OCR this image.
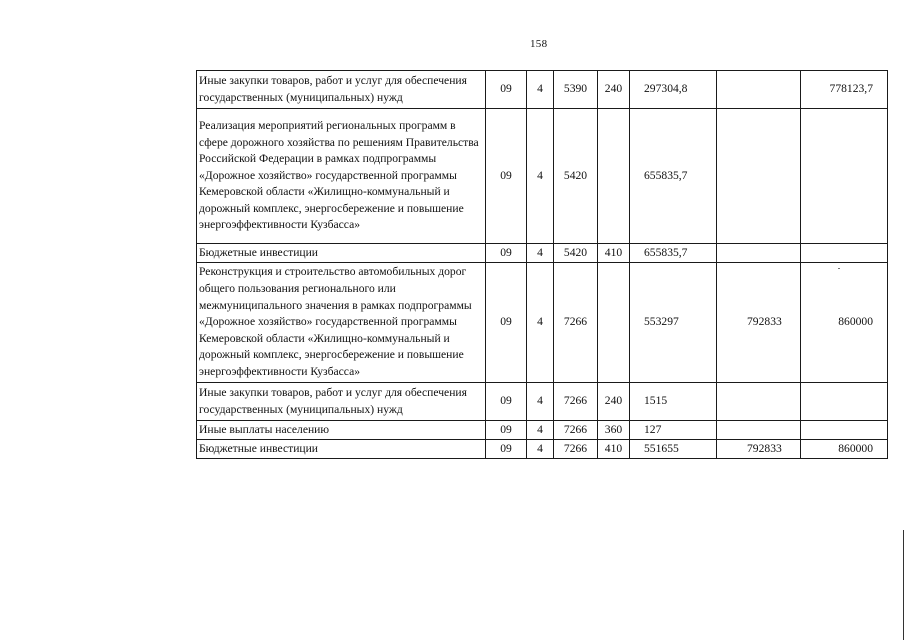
158
Иные закупки товаров, работ и услуг для обеспечения государственных (муниципальных) нужд	09	4	5390	240	297304,8		778123,7
Реализация мероприятий региональных программ в сфере дорожного хозяйства по решениям Правительства Российской Федерации в рамках подпрограммы «Дорожное хозяйство» государственной программы Кемеровской области «Жилищно-коммунальный и дорожный комплекс, энергосбережение и повышение энергоэффективности Кузбасса»	09	4	5420		655835,7		
Бюджетные инвестиции	09	4	5420	410	655835,7		
Реконструкция и строительство автомобильных дорог общего пользования регионального или межмуниципального значения в рамках подпрограммы «Дорожное хозяйство» государственной программы Кемеровской области «Жилищно-коммунальный и дорожный комплекс, энергосбережение и повышение энергоэффективности Кузбасса»	09	4	7266		553297	792833	860000
Иные закупки товаров, работ и услуг для обеспечения государственных (муниципальных) нужд	09	4	7266	240	1515		
Иные выплаты населению	09	4	7266	360	127		
Бюджетные инвестиции	09	4	7266	410	551655	792833	860000
